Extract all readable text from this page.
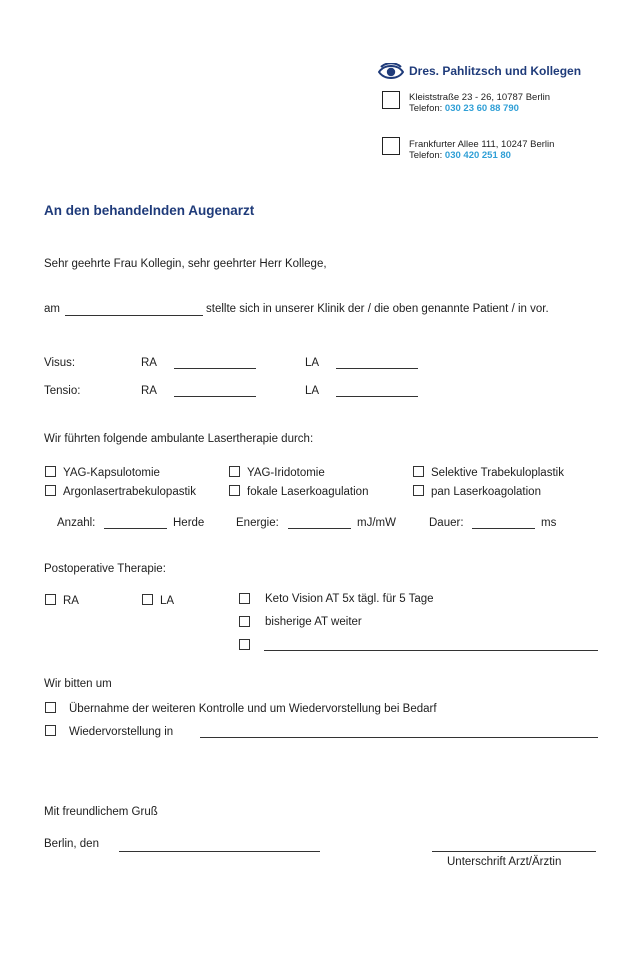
Dres. Pahlitzsch und Kollegen
Kleiststraße 23 - 26, 10787 Berlin
Telefon: 030 23 60 88 790
Frankfurter Allee 111, 10247 Berlin
Telefon: 030 420 251 80
An den behandelnden Augenarzt
Sehr geehrte Frau Kollegin, sehr geehrter Herr Kollege,
am	stellte sich in unserer Klinik der / die oben genannte Patient / in vor.
Visus:	RA	LA
Tensio:	RA	LA
Wir führten folgende ambulante Lasertherapie durch:
YAG-Kapsulotomie	YAG-Iridotomie	Selektive Trabekuloplastik
Argonlasertrabekulopastik	fokale Laserkoagulation	pan Laserkoagolation
Anzahl:	Herde	Energie:	mJ/mW	Dauer:	ms
Postoperative Therapie:
RA	LA	Keto Vision AT 5x tägl. für 5 Tage
bisherige AT weiter
Wir bitten um
Übernahme der weiteren Kontrolle und um Wiedervorstellung bei Bedarf
Wiedervorstellung in
Mit freundlichem Gruß
Berlin, den
Unterschrift Arzt/Ärztin
